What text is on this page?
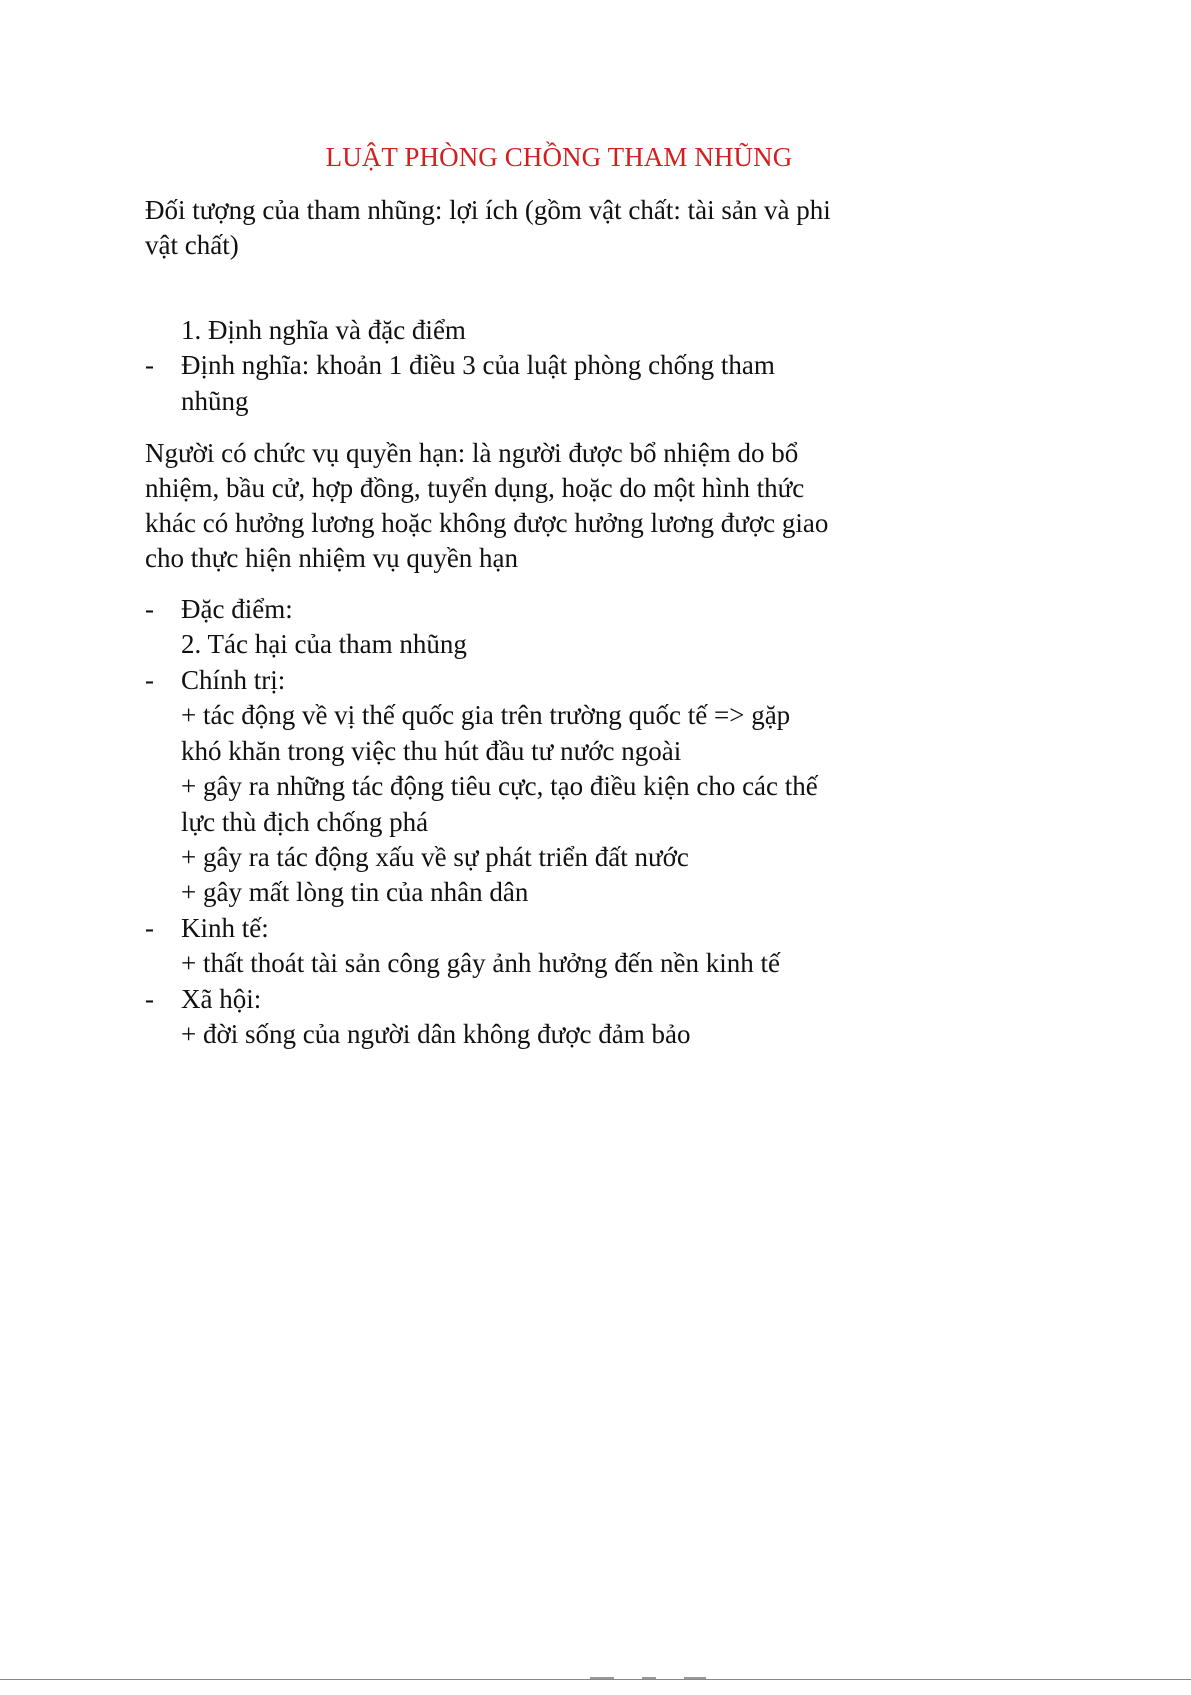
LUẬT PHÒNG CHỒNG THAM NHŨNG
Đối tượng của tham nhũng: lợi ích (gồm vật chất: tài sản và phi
vật chất)
1. Định nghĩa và đặc điểm
- Định nghĩa: khoản 1 điều 3 của luật phòng chống tham
nhũng
Người có chức vụ quyền hạn: là người được bổ nhiệm do bổ
nhiệm, bầu cử, hợp đồng, tuyển dụng, hoặc do một hình thức
khác có hưởng lương hoặc không được hưởng lương được giao
cho thực hiện nhiệm vụ quyền hạn
- Đặc điểm:
2. Tác hại của tham nhũng
- Chính trị:
+ tác động về vị thế quốc gia trên trường quốc tế => gặp
khó khăn trong việc thu hút đầu tư nước ngoài
+ gây ra những tác động tiêu cực, tạo điều kiện cho các thế
lực thù địch chống phá
+ gây ra tác động xấu về sự phát triển đất nước
+ gây mất lòng tin của nhân dân
- Kinh tế:
+ thất thoát tài sản công gây ảnh hưởng đến nền kinh tế
- Xã hội:
+ đời sống của người dân không được đảm bảo
